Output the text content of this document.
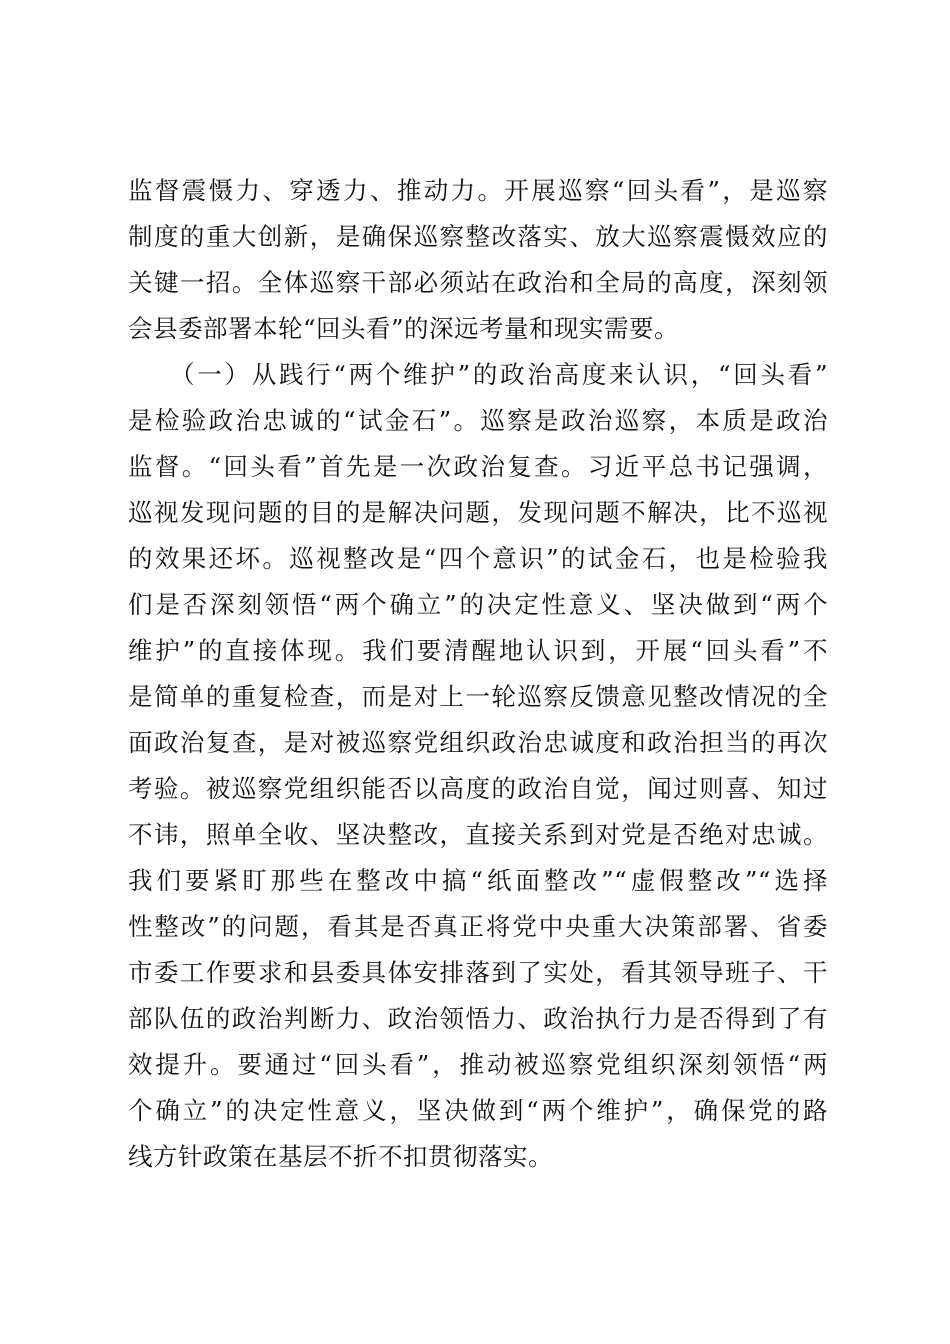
监督震慑力、穿透力、推动力。开展巡察“回头看”，是巡察
制度的重大创新，是确保巡察整改落实、放大巡察震慑效应的
关键一招。全体巡察干部必须站在政治和全局的高度，深刻领
会县委部署本轮“回头看”的深远考量和现实需要。
（一）从践行“两个维护”的政治高度来认识，“回头看”
是检验政治忠诚的“试金石”。巡察是政治巡察，本质是政治
监督。“回头看”首先是一次政治复查。习近平总书记强调，
巡视发现问题的目的是解决问题，发现问题不解决，比不巡视
的效果还坏。巡视整改是“四个意识”的试金石，也是检验我
们是否深刻领悟“两个确立”的决定性意义、坚决做到“两个
维护”的直接体现。我们要清醒地认识到，开展“回头看”不
是简单的重复检查，而是对上一轮巡察反馈意见整改情况的全
面政治复查，是对被巡察党组织政治忠诚度和政治担当的再次
考验。被巡察党组织能否以高度的政治自觉，闻过则喜、知过
不讳，照单全收、坚决整改，直接关系到对党是否绝对忠诚。
我们要紧盯那些在整改中搞“纸面整改”“虚假整改”“选择
性整改”的问题，看其是否真正将党中央重大决策部署、省委
市委工作要求和县委具体安排落到了实处，看其领导班子、干
部队伍的政治判断力、政治领悟力、政治执行力是否得到了有
效提升。要通过“回头看”，推动被巡察党组织深刻领悟“两
个确立”的决定性意义，坚决做到“两个维护”，确保党的路
线方针政策在基层不折不扣贯彻落实。
